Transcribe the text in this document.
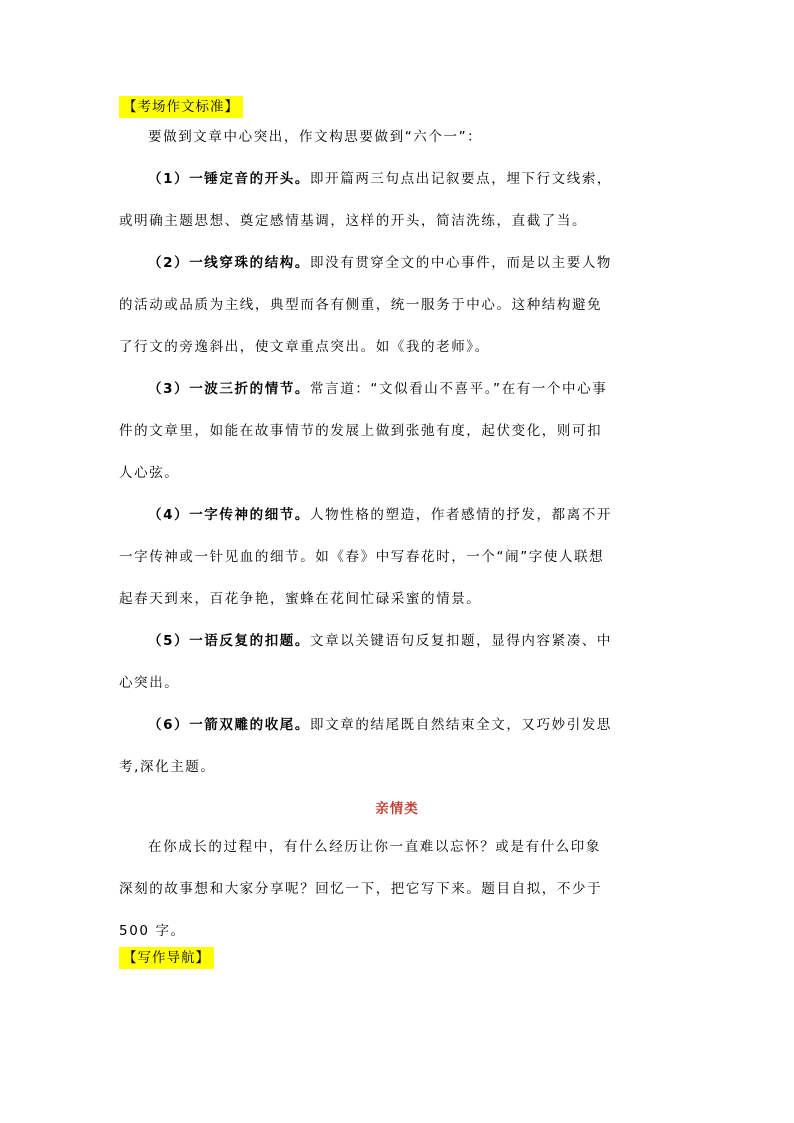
【考场作文标准】
要做到文章中心突出，作文构思要做到“六个一”：
（1）一锤定音的开头。即开篇两三句点出记叙要点，埋下行文线索，
或明确主题思想、奠定感情基调，这样的开头，简洁洗练，直截了当。
（2）一线穿珠的结构。即没有贯穿全文的中心事件，而是以主要人物
的活动或品质为主线，典型而各有侧重，统一服务于中心。这种结构避免
了行文的旁逸斜出，使文章重点突出。如《我的老师》。
（3）一波三折的情节。常言道：“文似看山不喜平。”在有一个中心事
件的文章里，如能在故事情节的发展上做到张弛有度，起伏变化，则可扣
人心弦。
（4）一字传神的细节。人物性格的塑造，作者感情的抒发，都离不开
一字传神或一针见血的细节。如《春》中写春花时，一个“闹”字使人联想
起春天到来，百花争艳，蜜蜂在花间忙碌采蜜的情景。
（5）一语反复的扣题。文章以关键语句反复扣题，显得内容紧凑、中
心突出。
（6）一箭双雕的收尾。即文章的结尾既自然结束全文，又巧妙引发思
考,深化主题。
亲情类
在你成长的过程中，有什么经历让你一直难以忘怀？或是有什么印象
深刻的故事想和大家分享呢？回忆一下，把它写下来。题目自拟，不少于
500 字。
【写作导航】
